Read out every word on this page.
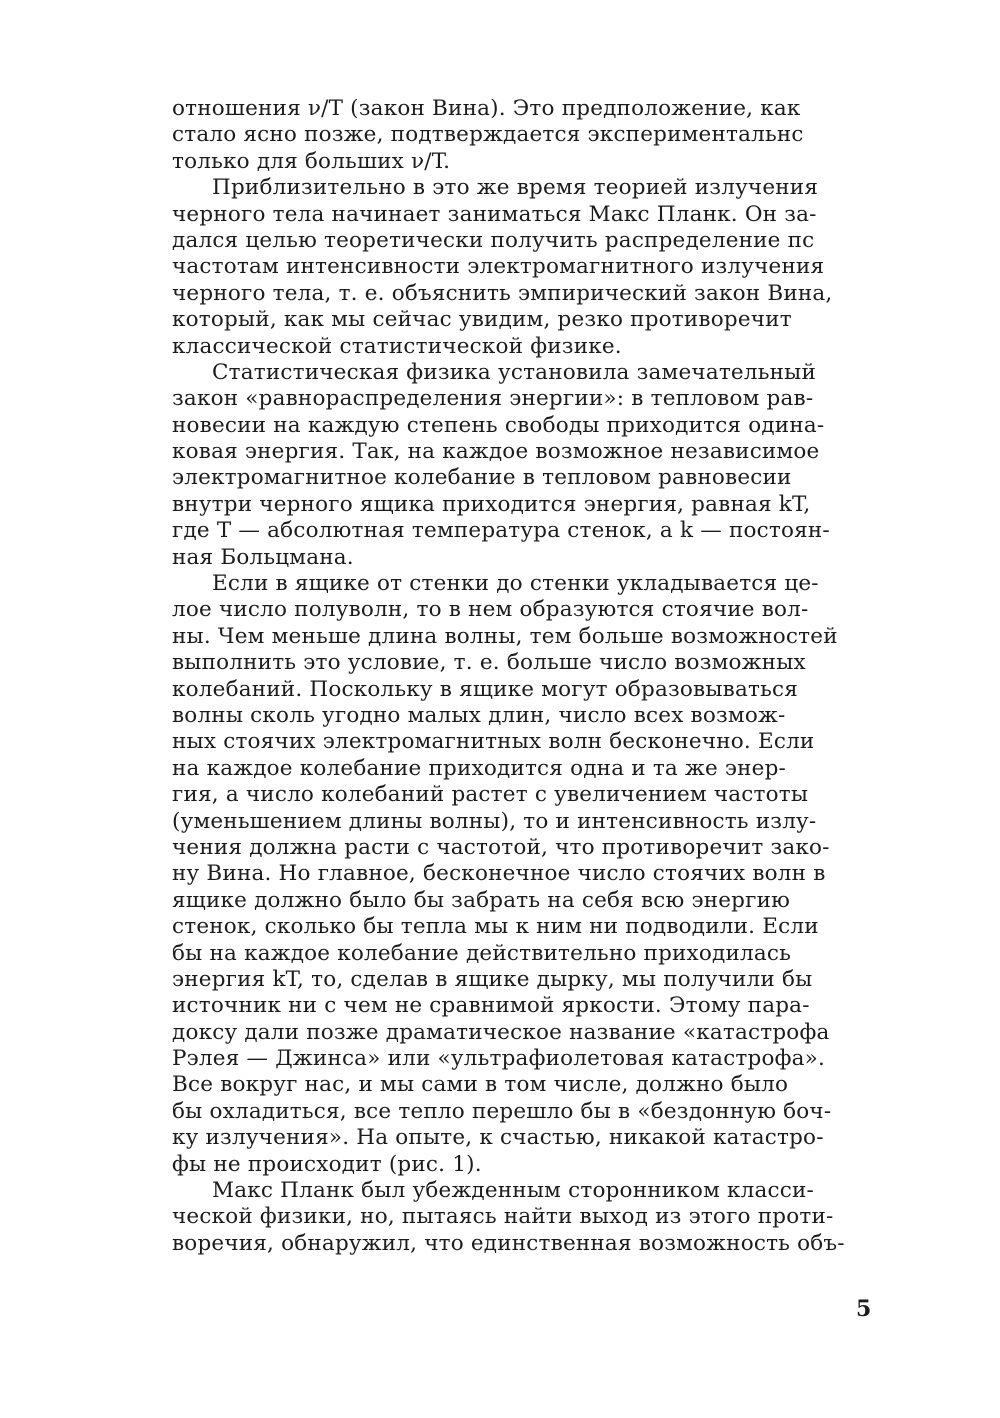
отношения ν/T (закон Вина). Это предположение, как
стало ясно позже, подтверждается экспериментальнс
только для больших ν/T.
Приблизительно в это же время теорией излучения
черного тела начинает заниматься Макс Планк. Он за-
дался целью теоретически получить распределение пс
частотам интенсивности электромагнитного излучения
черного тела, т. е. объяснить эмпирический закон Вина,
который, как мы сейчас увидим, резко противоречит
классической статистической физике.
Статистическая физика установила замечательный
закон «равнораспределения энергии»: в тепловом рав-
новесии на каждую степень свободы приходится одина-
ковая энергия. Так, на каждое возможное независимое
электромагнитное колебание в тепловом равновесии
внутри черного ящика приходится энергия, равная kT,
где T — абсолютная температура стенок, а k — постоян-
ная Больцмана.
Если в ящике от стенки до стенки укладывается це-
лое число полуволн, то в нем образуются стоячие вол-
ны. Чем меньше длина волны, тем больше возможностей
выполнить это условие, т. е. больше число возможных
колебаний. Поскольку в ящике могут образовываться
волны сколь угодно малых длин, число всех возмож-
ных стоячих электромагнитных волн бесконечно. Если
на каждое колебание приходится одна и та же энер-
гия, а число колебаний растет с увеличением частоты
(уменьшением длины волны), то и интенсивность излу-
чения должна расти с частотой, что противоречит зако-
ну Вина. Но главное, бесконечное число стоячих волн в
ящике должно было бы забрать на себя всю энергию
стенок, сколько бы тепла мы к ним ни подводили. Если
бы на каждое колебание действительно приходилась
энергия kT, то, сделав в ящике дырку, мы получили бы
источник ни с чем не сравнимой яркости. Этому пара-
доксу дали позже драматическое название «катастрофа
Рэлея — Джинса» или «ультрафиолетовая катастрофа».
Все вокруг нас, и мы сами в том числе, должно было
бы охладиться, все тепло перешло бы в «бездонную боч-
ку излучения». На опыте, к счастью, никакой катастро-
фы не происходит (рис. 1).
Макс Планк был убежденным сторонником класси-
ческой физики, но, пытаясь найти выход из этого проти-
воречия, обнаружил, что единственная возможность объ-
5
